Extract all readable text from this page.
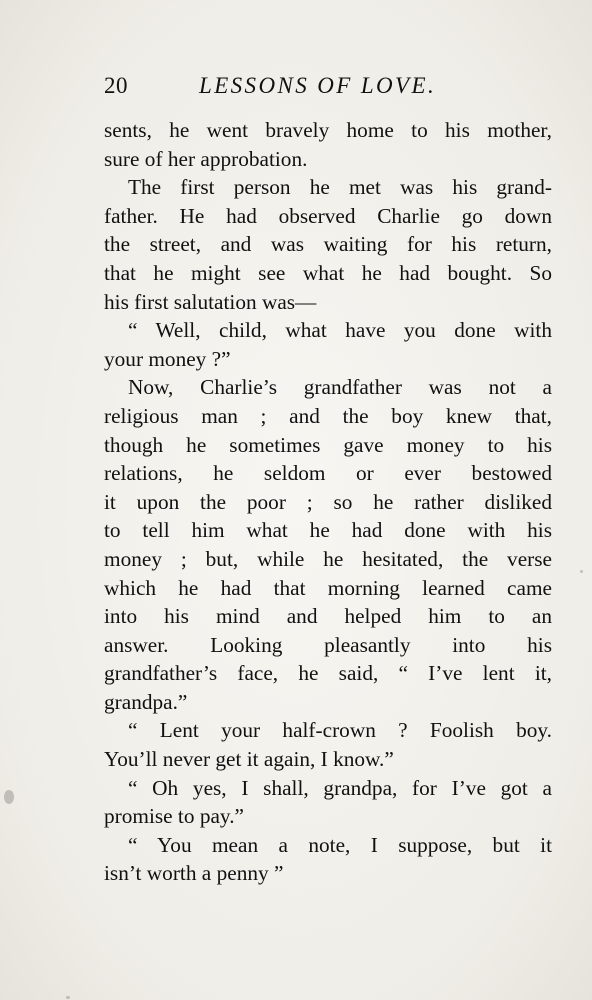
20	LESSONS OF LOVE.
sents, he went bravely home to his mother,
sure of her approbation.
The first person he met was his grand-
father. He had observed Charlie go down
the street, and was waiting for his return,
that he might see what he had bought. So
his first salutation was—
“ Well, child, what have you done with
your money ?”
Now, Charlie’s grandfather was not a
religious man ; and the boy knew that,
though he sometimes gave money to his
relations, he seldom or ever bestowed
it upon the poor ; so he rather disliked
to tell him what he had done with his
money ; but, while he hesitated, the verse
which he had that morning learned came
into his mind and helped him to an
answer. Looking pleasantly into his
grandfather’s face, he said, “ I’ve lent it,
grandpa.”
“ Lent your half-crown ? Foolish boy.
You’ll never get it again, I know.”
“ Oh yes, I shall, grandpa, for I’ve got a
promise to pay.”
“ You mean a note, I suppose, but it
isn’t worth a penny ”
